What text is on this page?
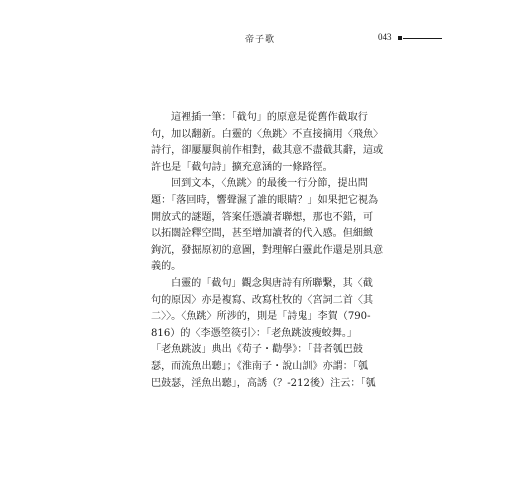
帝子歌	043

這裡插一筆：「截句」的原意是從舊作截取行
句，加以翻新。白靈的〈魚跳〉不直接摘用〈飛魚〉
詩行，卻屢屢與前作相對，截其意不盡截其辭，這或
許也是「截句詩」擴充意涵的一條路徑。

回到文本，〈魚跳〉的最後一行分節，提出問
題：「落回時，響聲濕了誰的眼睛？」如果把它視為
開放式的謎題，答案任憑讀者聯想，那也不錯，可
以拓闊詮釋空間，甚至增加讀者的代入感。但細緻
鉤沉，發掘原初的意圖，對理解白靈此作還是別具意
義的。

白靈的「截句」觀念與唐詩有所聯繫，其〈截
句的原因〉亦是複寫、改寫杜牧的〈宮詞二首〈其
二〉〉。〈魚跳〉所涉的，則是「詩鬼」李賀（790-
816）的〈李憑箜篌引〉：「老魚跳波瘦蛟舞。」
「老魚跳波」典出《荀子・勸學》：「昔者瓠巴鼓
瑟，而流魚出聽」；《淮南子・說山訓》亦謂：「瓠
巴鼓瑟，淫魚出聽」，高誘（？-212後）注云：「瓠
